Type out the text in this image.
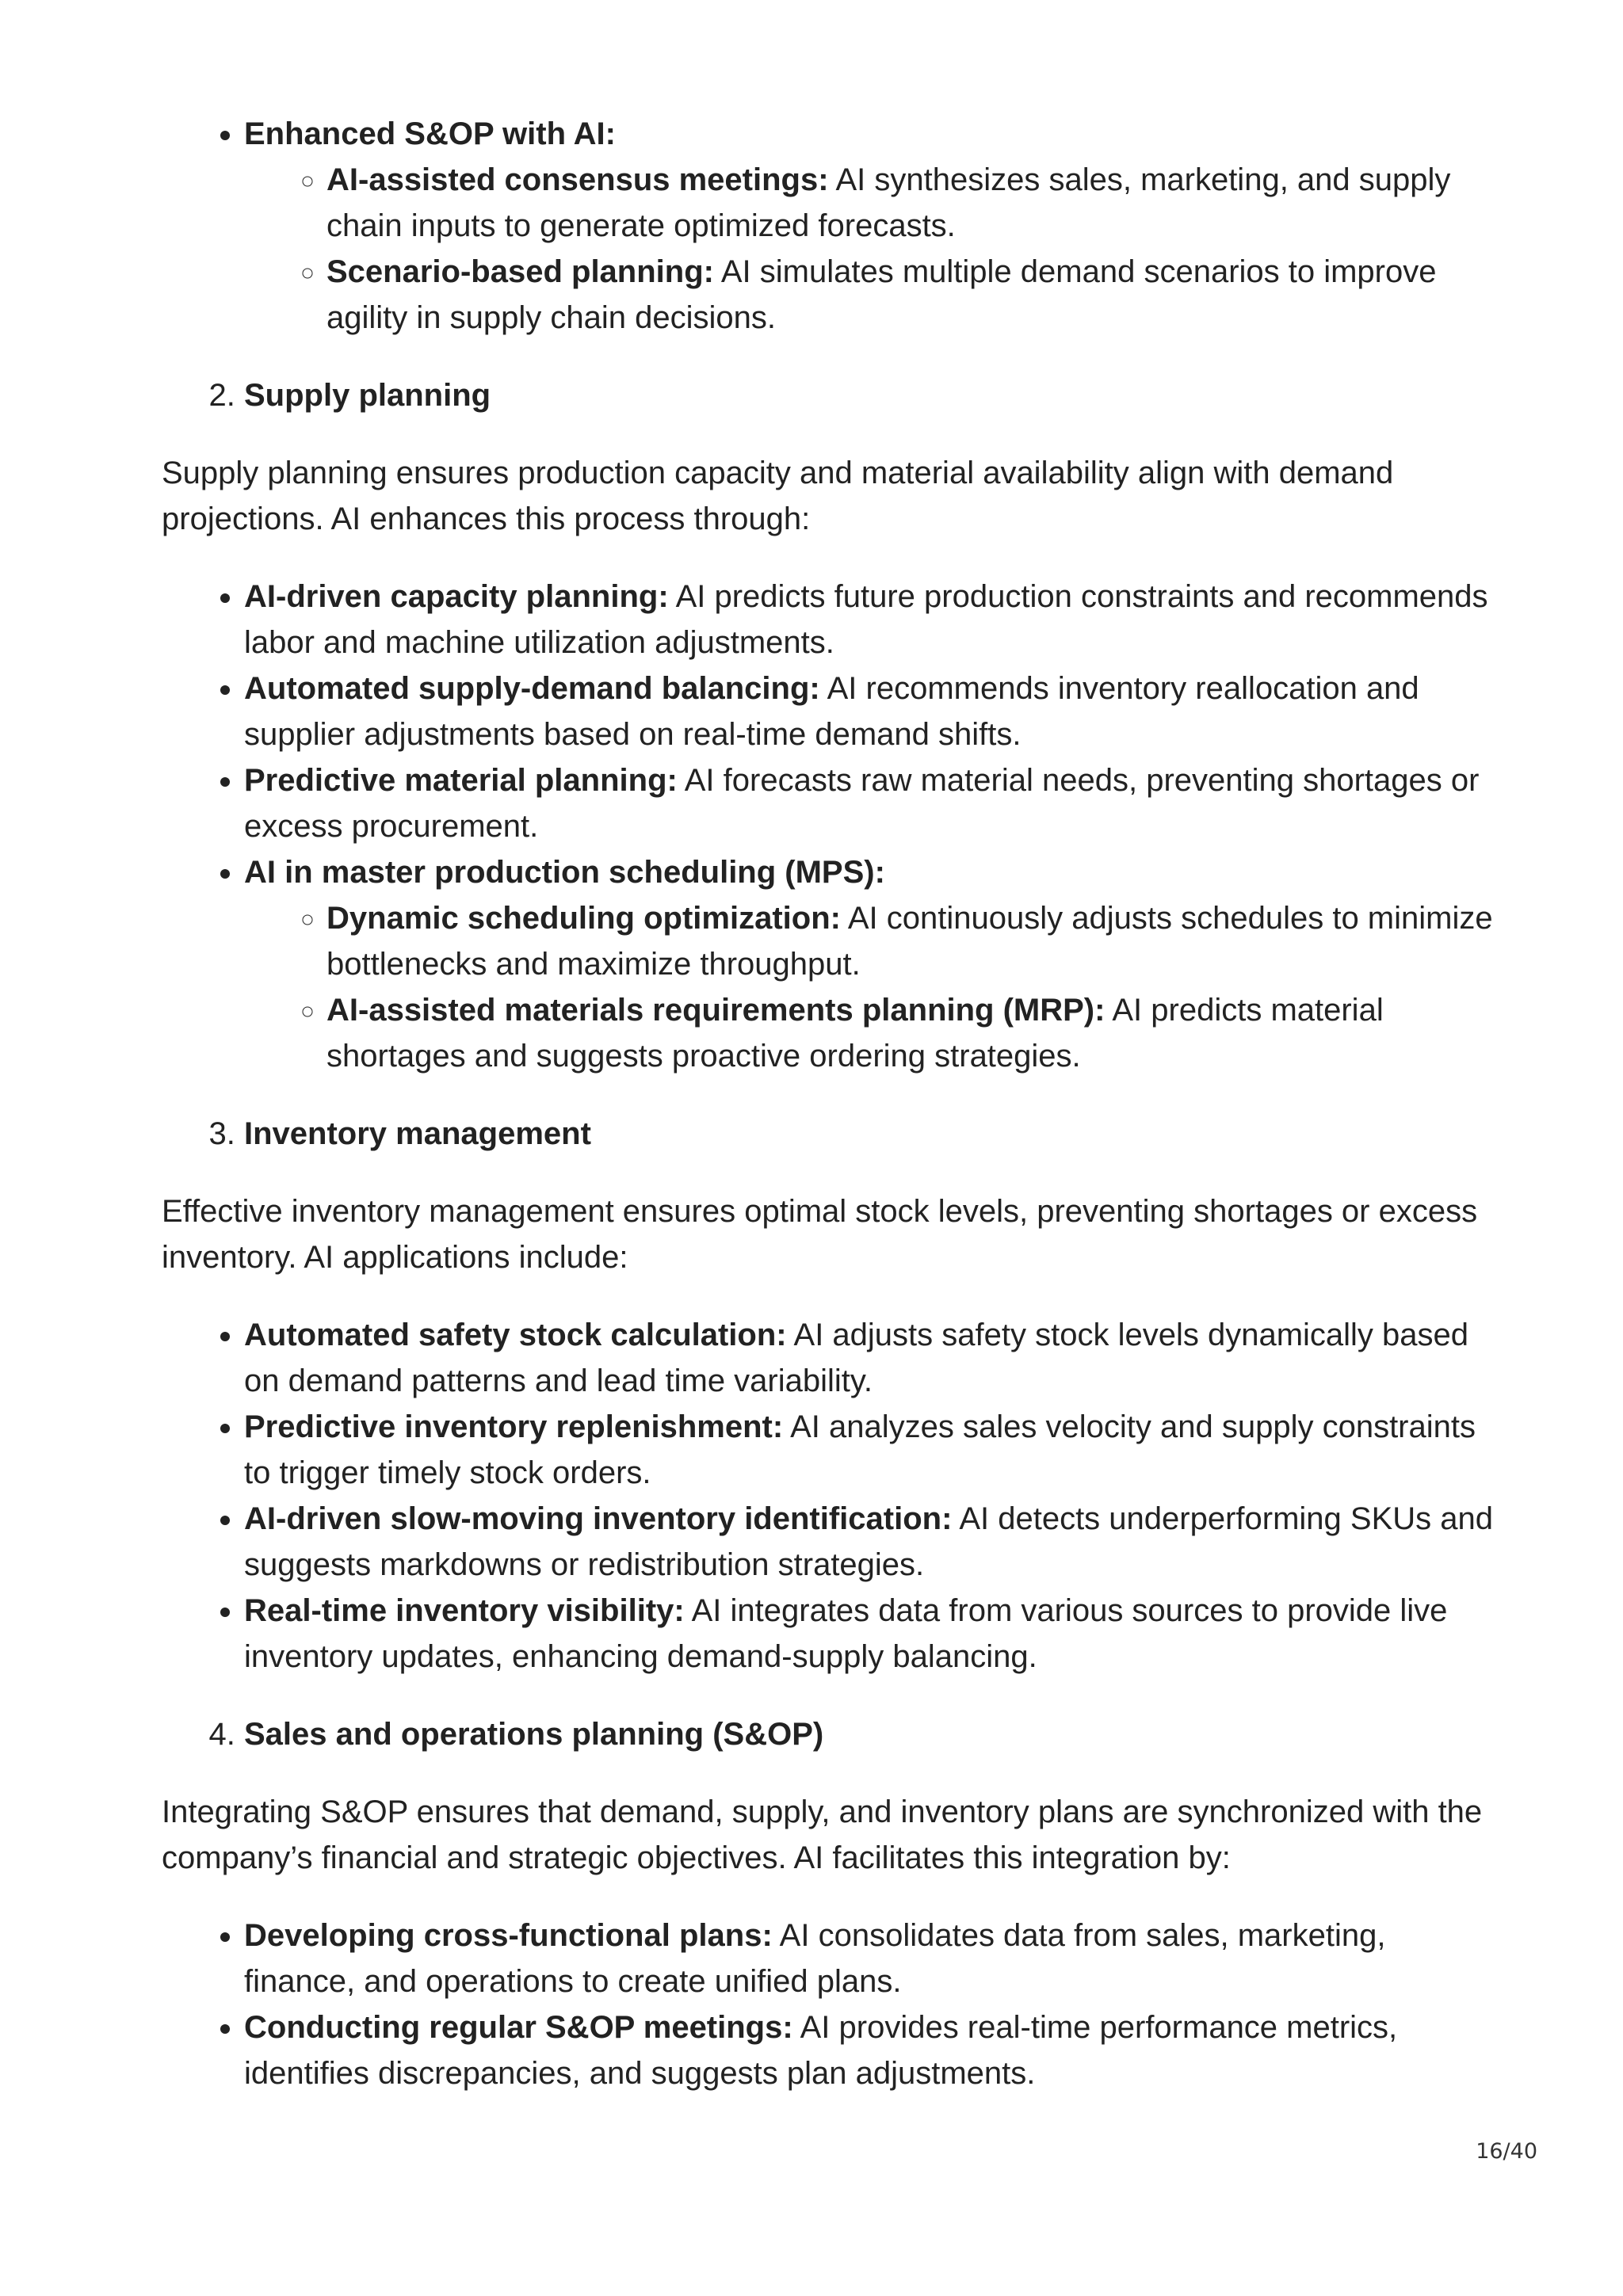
• Enhanced S&OP with AI:
◦ AI-assisted consensus meetings: AI synthesizes sales, marketing, and supply chain inputs to generate optimized forecasts.
◦ Scenario-based planning: AI simulates multiple demand scenarios to improve agility in supply chain decisions.
2. Supply planning

Supply planning ensures production capacity and material availability align with demand projections. AI enhances this process through:

• AI-driven capacity planning: AI predicts future production constraints and recommends labor and machine utilization adjustments.
• Automated supply-demand balancing: AI recommends inventory reallocation and supplier adjustments based on real-time demand shifts.
• Predictive material planning: AI forecasts raw material needs, preventing shortages or excess procurement.
• AI in master production scheduling (MPS):
◦ Dynamic scheduling optimization: AI continuously adjusts schedules to minimize bottlenecks and maximize throughput.
◦ AI-assisted materials requirements planning (MRP): AI predicts material shortages and suggests proactive ordering strategies.
3. Inventory management

Effective inventory management ensures optimal stock levels, preventing shortages or excess inventory. AI applications include:

• Automated safety stock calculation: AI adjusts safety stock levels dynamically based on demand patterns and lead time variability.
• Predictive inventory replenishment: AI analyzes sales velocity and supply constraints to trigger timely stock orders.
• AI-driven slow-moving inventory identification: AI detects underperforming SKUs and suggests markdowns or redistribution strategies.
• Real-time inventory visibility: AI integrates data from various sources to provide live inventory updates, enhancing demand-supply balancing.
4. Sales and operations planning (S&OP)

Integrating S&OP ensures that demand, supply, and inventory plans are synchronized with the company’s financial and strategic objectives. AI facilitates this integration by:

• Developing cross-functional plans: AI consolidates data from sales, marketing, finance, and operations to create unified plans.
• Conducting regular S&OP meetings: AI provides real-time performance metrics, identifies discrepancies, and suggests plan adjustments.
16/40
